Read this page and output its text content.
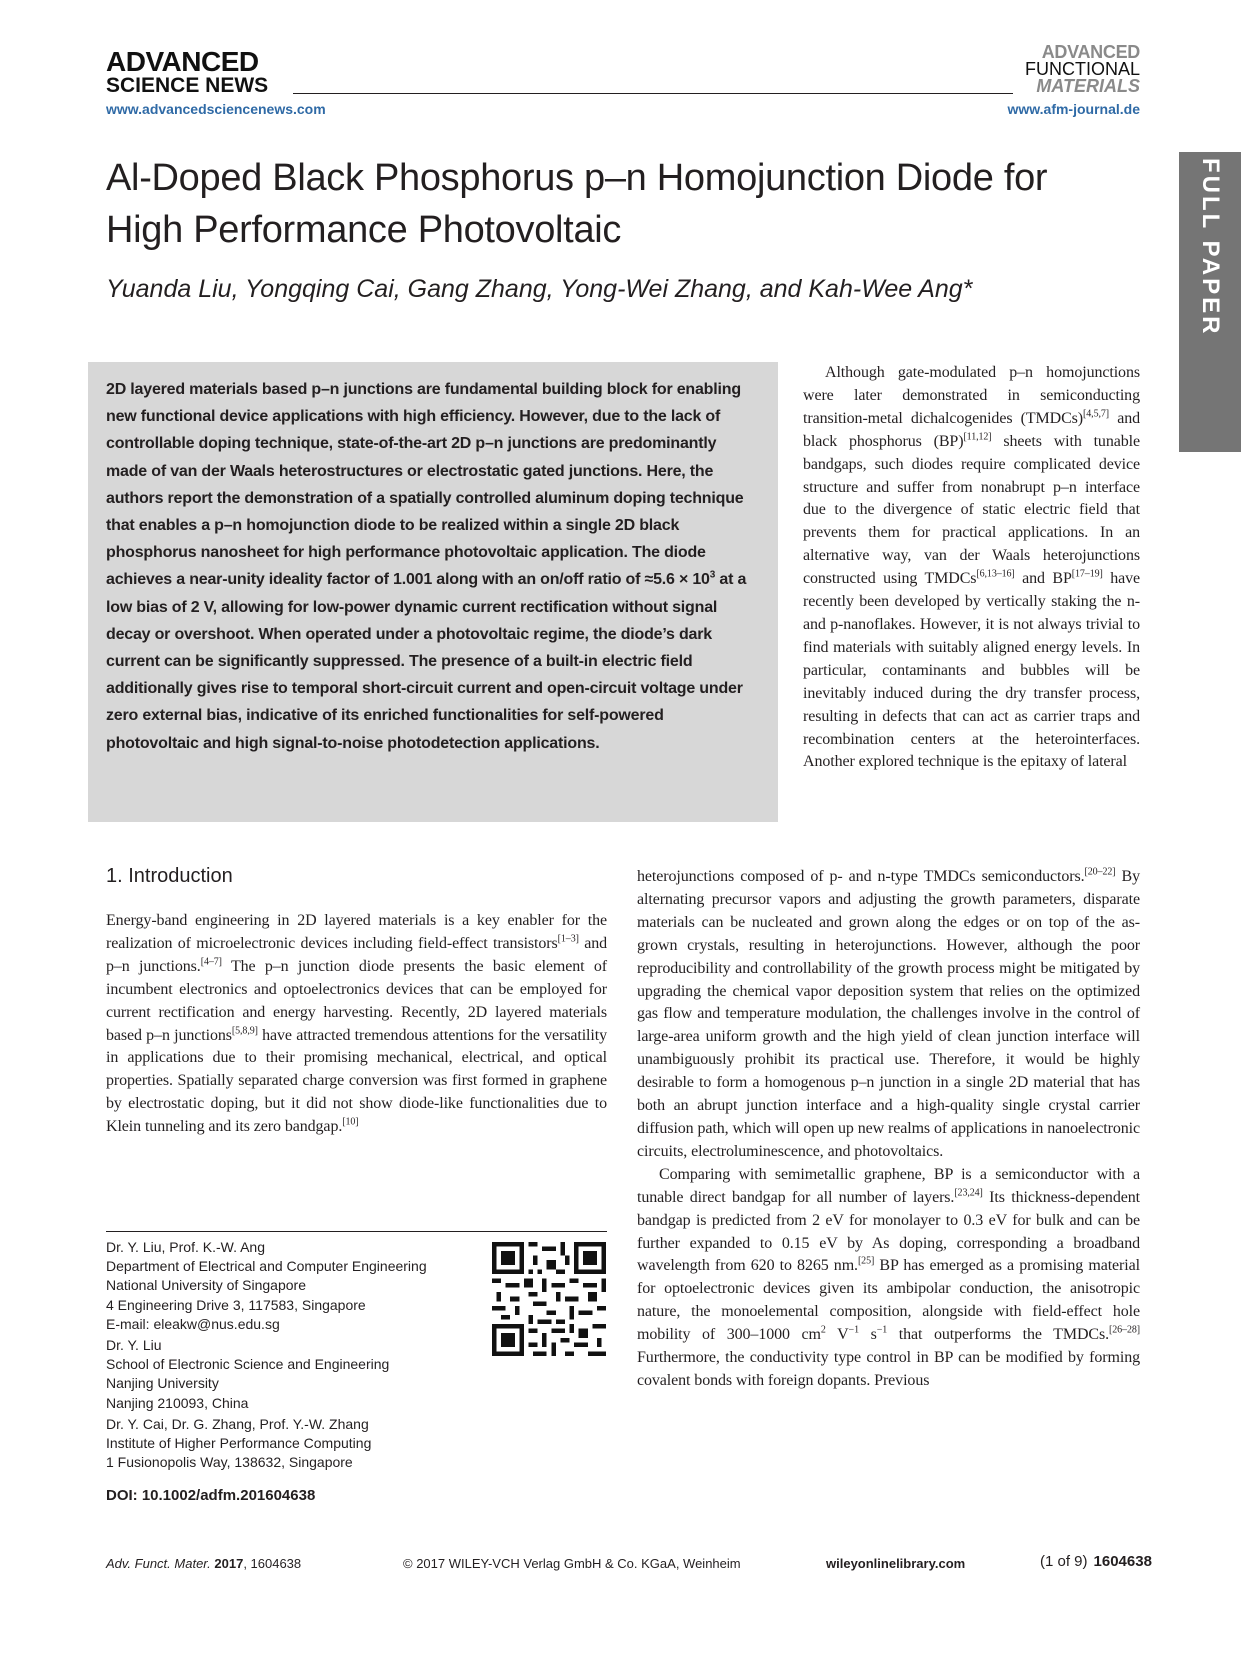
ADVANCED
SCIENCE NEWS
www.advancedsciencenews.com
ADVANCED
FUNCTIONAL
MATERIALS
www.afm-journal.de
FULL PAPER
Al-Doped Black Phosphorus p–n Homojunction Diode for High Performance Photovoltaic
Yuanda Liu, Yongqing Cai, Gang Zhang, Yong-Wei Zhang, and Kah-Wee Ang*

2D layered materials based p–n junctions are fundamental building block for enabling new functional device applications with high efficiency. However, due to the lack of controllable doping technique, state-of-the-art 2D p–n junctions are predominantly made of van der Waals heterostructures or electrostatic gated junctions. Here, the authors report the demonstration of a spatially controlled aluminum doping technique that enables a p–n homojunction diode to be realized within a single 2D black phosphorus nanosheet for high performance photovoltaic application. The diode achieves a near-unity ideality factor of 1.001 along with an on/off ratio of $\approx 5.6 \times 10^3$ at a low bias of 2 V, allowing for low-power dynamic current rectification without signal decay or overshoot. When operated under a photovoltaic regime, the diode’s dark current can be significantly suppressed. The presence of a built-in electric field additionally gives rise to temporal short-circuit current and open-circuit voltage under zero external bias, indicative of its enriched functionalities for self-powered photovoltaic and high signal-to-noise photodetection applications.

Although gate-modulated p–n homojunctions were later demonstrated in semiconducting transition-metal dichalcogenides (TMDCs)[4,5,7] and black phosphorus (BP)[11,12] sheets with tunable bandgaps, such diodes require complicated device structure and suffer from nonabrupt p–n interface due to the divergence of static electric field that prevents them for practical applications. In an alternative way, van der Waals heterojunctions constructed using TMDCs[6,13–16] and BP[17–19] have recently been developed by vertically staking the n- and p-nanoflakes. However, it is not always trivial to find materials with suitably aligned energy levels. In particular, contaminants and bubbles will be inevitably induced during the dry transfer process, resulting in defects that can act as carrier traps and recombination centers at the heterointerfaces. Another explored technique is the epitaxy of lateral

1. Introduction

Energy-band engineering in 2D layered materials is a key enabler for the realization of microelectronic devices including field-effect transistors[1–3] and p–n junctions.[4–7] The p–n junction diode presents the basic element of incumbent electronics and optoelectronics devices that can be employed for current rectification and energy harvesting. Recently, 2D layered materials based p–n junctions[5,8,9] have attracted tremendous attentions for the versatility in applications due to their promising mechanical, electrical, and optical properties. Spatially separated charge conversion was first formed in graphene by electrostatic doping, but it did not show diode-like functionalities due to Klein tunneling and its zero bandgap.[10]

heterojunctions composed of p- and n-type TMDCs semiconductors.[20–22] By alternating precursor vapors and adjusting the growth parameters, disparate materials can be nucleated and grown along the edges or on top of the as-grown crystals, resulting in heterojunctions. However, although the poor reproducibility and controllability of the growth process might be mitigated by upgrading the chemical vapor deposition system that relies on the optimized gas flow and temperature modulation, the challenges involve in the control of large-area uniform growth and the high yield of clean junction interface will unambiguously prohibit its practical use. Therefore, it would be highly desirable to form a homogenous p–n junction in a single 2D material that has both an abrupt junction interface and a high-quality single crystal carrier diffusion path, which will open up new realms of applications in nanoelectronic circuits, electroluminescence, and photovoltaics.

Comparing with semimetallic graphene, BP is a semiconductor with a tunable direct bandgap for all number of layers.[23,24] Its thickness-dependent bandgap is predicted from 2 eV for monolayer to 0.3 eV for bulk and can be further expanded to 0.15 eV by As doping, corresponding a broadband wavelength from 620 to 8265 nm.[25] BP has emerged as a promising material for optoelectronic devices given its ambipolar conduction, the anisotropic nature, the monoelemental composition, alongside with field-effect hole mobility of 300–1000 $cm^2$ $V^{-1}$ $s^{-1}$ that outperforms the TMDCs.[26–28] Furthermore, the conductivity type control in BP can be modified by forming covalent bonds with foreign dopants. Previous

Dr. Y. Liu, Prof. K.-W. Ang
Department of Electrical and Computer Engineering
National University of Singapore
4 Engineering Drive 3, 117583, Singapore
E-mail: eleakw@nus.edu.sg
Dr. Y. Liu
School of Electronic Science and Engineering
Nanjing University
Nanjing 210093, China
Dr. Y. Cai, Dr. G. Zhang, Prof. Y.-W. Zhang
Institute of Higher Performance Computing
1 Fusionopolis Way, 138632, Singapore
DOI: 10.1002/adfm.201604638
Adv. Funct. Mater. 2017, 1604638	© 2017 WILEY-VCH Verlag GmbH & Co. KGaA, Weinheim	wileyonlinelibrary.com	(1 of 9) 1604638
